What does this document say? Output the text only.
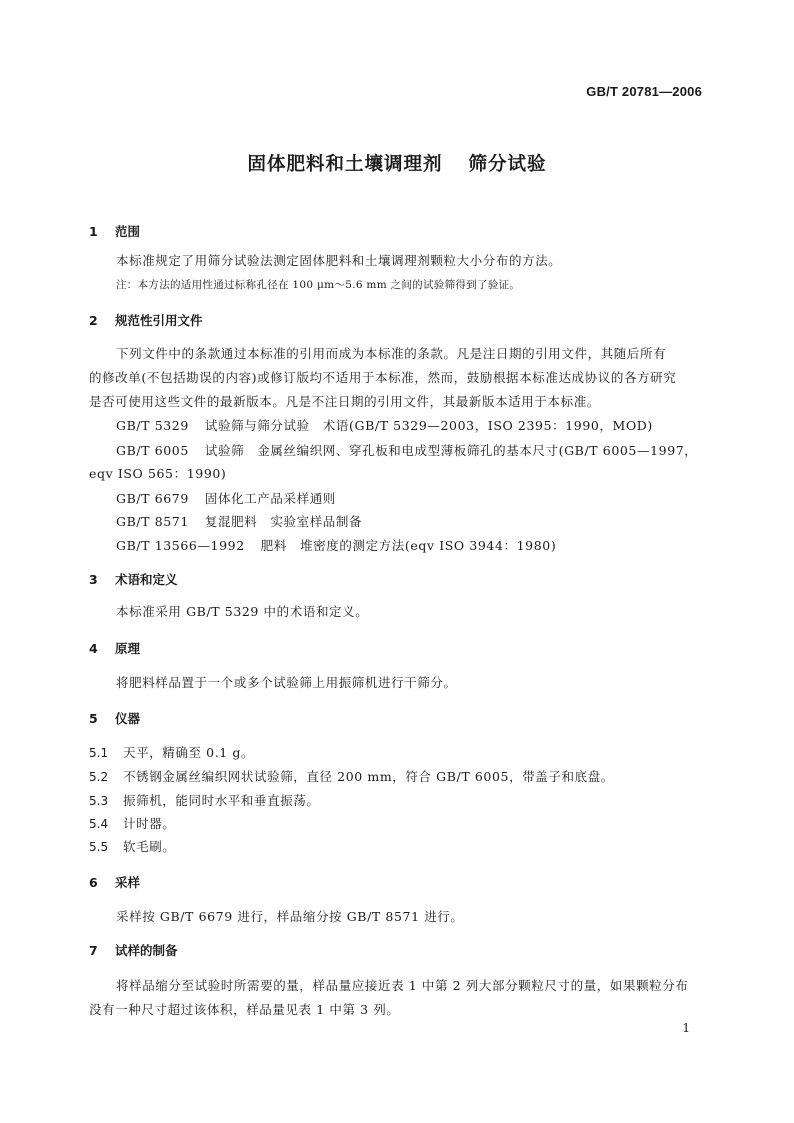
GB/T 20781—2006
固体肥料和土壤调理剂 筛分试验
1 范围
本标准规定了用筛分试验法测定固体肥料和土壤调理剂颗粒大小分布的方法。
注：本方法的适用性通过标称孔径在 100 μm～5.6 mm 之间的试验筛得到了验证。
2 规范性引用文件
下列文件中的条款通过本标准的引用而成为本标准的条款。凡是注日期的引用文件，其随后所有
的修改单(不包括勘误的内容)或修订版均不适用于本标准，然而，鼓励根据本标准达成协议的各方研究
是否可使用这些文件的最新版本。凡是不注日期的引用文件，其最新版本适用于本标准。
GB/T 5329 试验筛与筛分试验　术语(GB/T 5329—2003，ISO 2395：1990，MOD)
GB/T 6005 试验筛　金属丝编织网、穿孔板和电成型薄板筛孔的基本尺寸(GB/T 6005—1997，
eqv ISO 565：1990)
GB/T 6679 固体化工产品采样通则
GB/T 8571 复混肥料　实验室样品制备
GB/T 13566—1992 肥料　堆密度的测定方法(eqv ISO 3944：1980)
3 术语和定义
本标准采用 GB/T 5329 中的术语和定义。
4 原理
将肥料样品置于一个或多个试验筛上用振筛机进行干筛分。
5 仪器
5.1 天平，精确至 0.1 g。
5.2 不锈钢金属丝编织网状试验筛，直径 200 mm，符合 GB/T 6005，带盖子和底盘。
5.3 振筛机，能同时水平和垂直振荡。
5.4 计时器。
5.5 软毛刷。
6 采样
采样按 GB/T 6679 进行，样品缩分按 GB/T 8571 进行。
7 试样的制备
将样品缩分至试验时所需要的量，样品量应接近表 1 中第 2 列大部分颗粒尺寸的量，如果颗粒分布
没有一种尺寸超过该体积，样品量见表 1 中第 3 列。
1
